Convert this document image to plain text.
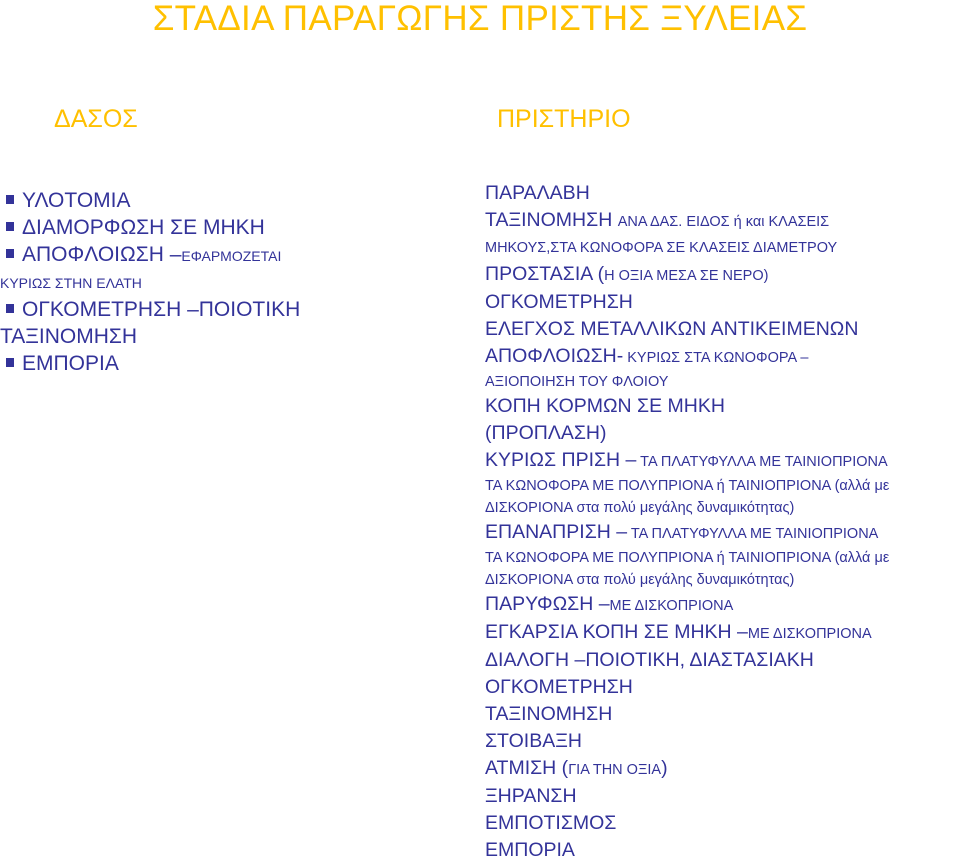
ΣΤΑΔΙΑ ΠΑΡΑΓΩΓΗΣ ΠΡΙΣΤΗΣ ΞΥΛΕΙΑΣ
ΔΑΣΟΣ	ΠΡΙΣΤΗΡΙΟ
ΥΛΟΤΟΜΙΑ
ΔΙΑΜΟΡΦΩΣΗ ΣΕ ΜΗΚΗ
ΑΠΟΦΛΟΙΩΣΗ –ΕΦΑΡΜΟΖΕΤΑΙ
ΚΥΡΙΩΣ ΣΤΗΝ ΕΛΑΤΗ
ΟΓΚΟΜΕΤΡΗΣΗ –ΠΟΙΟΤΙΚΗ
ΤΑΞΙΝΟΜΗΣΗ
ΕΜΠΟΡΙΑ
ΠΑΡΑΛΑΒΗ
ΤΑΞΙΝΟΜΗΣΗ ΑΝΑ ΔΑΣ. ΕΙΔΟΣ ή και ΚΛΑΣΕΙΣ
ΜΗΚΟΥΣ,ΣΤΑ ΚΩΝΟΦΟΡΑ ΣΕ ΚΛΑΣΕΙΣ ΔΙΑΜΕΤΡΟΥ
ΠΡΟΣΤΑΣΙΑ (Η ΟΞΙΑ ΜΕΣΑ ΣΕ ΝΕΡΟ)
ΟΓΚΟΜΕΤΡΗΣΗ
ΕΛΕΓΧΟΣ ΜΕΤΑΛΛΙΚΩΝ ΑΝΤΙΚΕΙΜΕΝΩΝ
ΑΠΟΦΛΟΙΩΣΗ- ΚΥΡΙΩΣ ΣΤΑ ΚΩΝΟΦΟΡΑ –
ΑΞΙΟΠΟΙΗΣΗ ΤΟΥ ΦΛΟΙΟΥ
ΚΟΠΗ ΚΟΡΜΩΝ ΣΕ ΜΗΚΗ
(ΠΡΟΠΛΑΣΗ)
ΚΥΡΙΩΣ ΠΡΙΣΗ – ΤΑ ΠΛΑΤΥΦΥΛΛΑ ΜΕ ΤΑΙΝΙΟΠΡΙΟΝΑ
ΤΑ ΚΩΝΟΦΟΡΑ ΜΕ ΠΟΛΥΠΡΙΟΝΑ ή ΤΑΙΝΙΟΠΡΙΟΝΑ (αλλά με
ΔΙΣΚΟΡΙΟΝΑ στα πολύ μεγάλης δυναμικότητας)
ΕΠΑΝΑΠΡΙΣΗ – ΤΑ ΠΛΑΤΥΦΥΛΛΑ ΜΕ ΤΑΙΝΙΟΠΡΙΟΝΑ
ΤΑ ΚΩΝΟΦΟΡΑ ΜΕ ΠΟΛΥΠΡΙΟΝΑ ή ΤΑΙΝΙΟΠΡΙΟΝΑ (αλλά με
ΔΙΣΚΟΡΙΟΝΑ στα πολύ μεγάλης δυναμικότητας)
ΠΑΡΥΦΩΣΗ –ΜΕ ΔΙΣΚΟΠΡΙΟΝΑ
ΕΓΚΑΡΣΙΑ ΚΟΠΗ ΣΕ ΜΗΚΗ –ΜΕ ΔΙΣΚΟΠΡΙΟΝΑ
ΔΙΑΛΟΓΗ –ΠΟΙΟΤΙΚΗ, ΔΙΑΣΤΑΣΙΑΚΗ
ΟΓΚΟΜΕΤΡΗΣΗ
ΤΑΞΙΝΟΜΗΣΗ
ΣΤΟΙΒΑΞΗ
ΑΤΜΙΣΗ (ΓΙΑ ΤΗΝ ΟΞΙΑ)
ΞΗΡΑΝΣΗ
ΕΜΠΟΤΙΣΜΟΣ
ΕΜΠΟΡΙΑ
